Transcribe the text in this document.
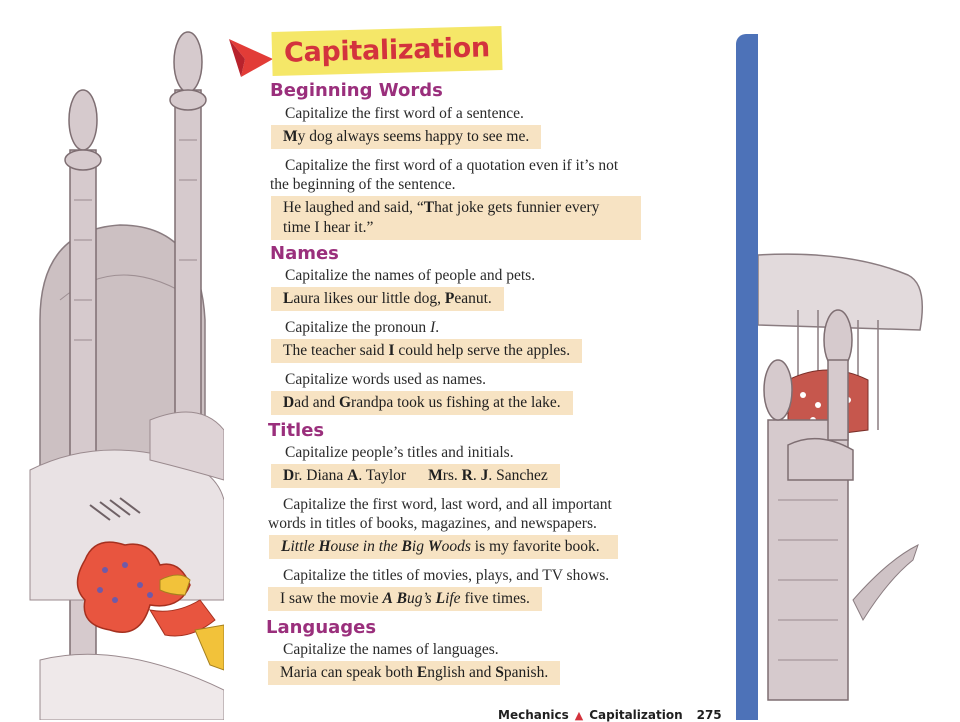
Capitalization
Beginning Words
Capitalize the first word of a sentence.
My dog always seems happy to see me.
Capitalize the first word of a quotation even if it’s not
the beginning of the sentence.
He laughed and said, “That joke gets funnier every
time I hear it.”
Names
Capitalize the names of people and pets.
Laura likes our little dog, Peanut.
Capitalize the pronoun I.
The teacher said I could help serve the apples.
Capitalize words used as names.
Dad and Grandpa took us fishing at the lake.
Titles
Capitalize people’s titles and initials.
Dr. Diana A. Taylor Mrs. R. J. Sanchez
Capitalize the first word, last word, and all important
words in titles of books, magazines, and newspapers.
Little House in the Big Woods is my favorite book.
Capitalize the titles of movies, plays, and TV shows.
I saw the movie A Bug’s Life five times.
Languages
Capitalize the names of languages.
Maria can speak both English and Spanish.
Mechanics ▲ Capitalization 275
